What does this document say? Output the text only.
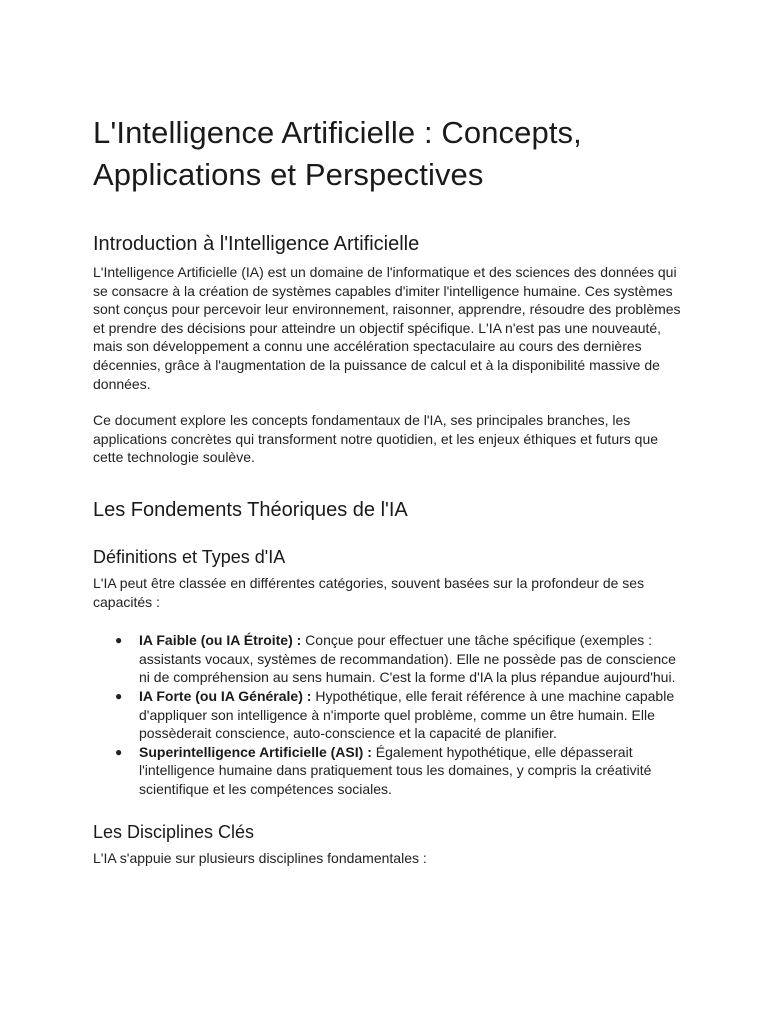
L'Intelligence Artificielle : Concepts, Applications et Perspectives
Introduction à l'Intelligence Artificielle

L'Intelligence Artificielle (IA) est un domaine de l'informatique et des sciences des données qui se consacre à la création de systèmes capables d'imiter l'intelligence humaine. Ces systèmes sont conçus pour percevoir leur environnement, raisonner, apprendre, résoudre des problèmes et prendre des décisions pour atteindre un objectif spécifique. L'IA n'est pas une nouveauté, mais son développement a connu une accélération spectaculaire au cours des dernières décennies, grâce à l'augmentation de la puissance de calcul et à la disponibilité massive de données.

Ce document explore les concepts fondamentaux de l'IA, ses principales branches, les applications concrètes qui transforment notre quotidien, et les enjeux éthiques et futurs que cette technologie soulève.

Les Fondements Théoriques de l'IA
Définitions et Types d'IA

L'IA peut être classée en différentes catégories, souvent basées sur la profondeur de ses capacités :

● IA Faible (ou IA Étroite) : Conçue pour effectuer une tâche spécifique (exemples : assistants vocaux, systèmes de recommandation). Elle ne possède pas de conscience ni de compréhension au sens humain. C'est la forme d'IA la plus répandue aujourd'hui.
● IA Forte (ou IA Générale) : Hypothétique, elle ferait référence à une machine capable d'appliquer son intelligence à n'importe quel problème, comme un être humain. Elle possèderait conscience, auto-conscience et la capacité de planifier.
● Superintelligence Artificielle (ASI) : Également hypothétique, elle dépasserait l'intelligence humaine dans pratiquement tous les domaines, y compris la créativité scientifique et les compétences sociales.
Les Disciplines Clés

L'IA s'appuie sur plusieurs disciplines fondamentales :
